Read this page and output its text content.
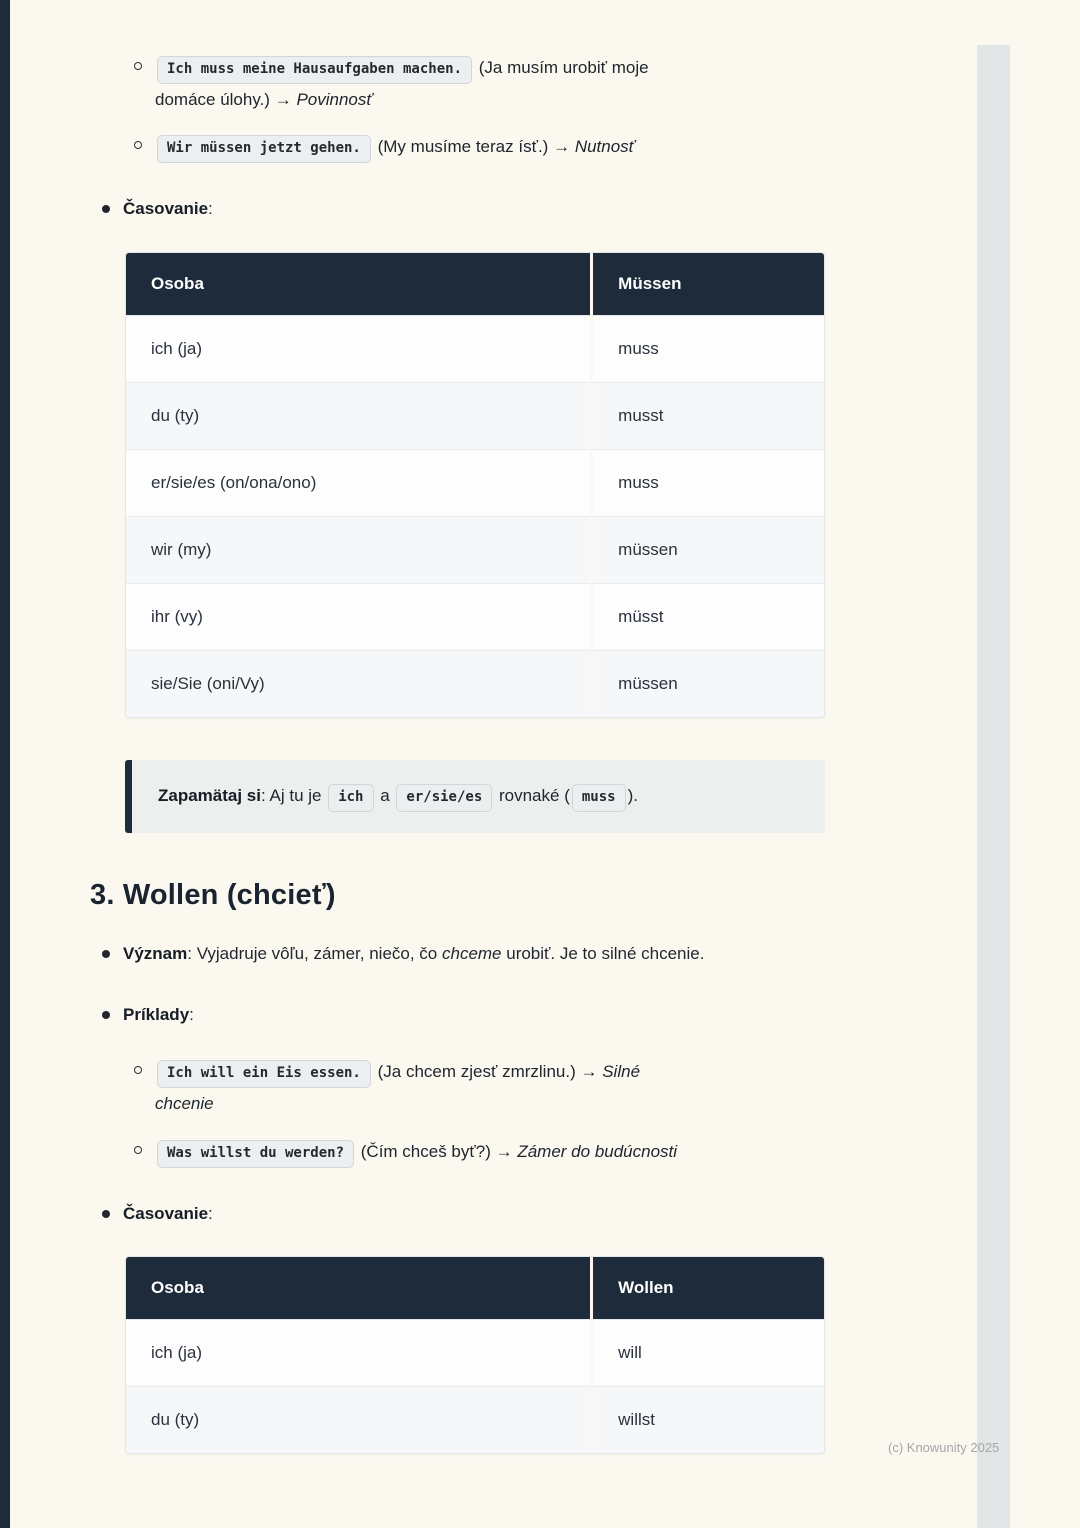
Ich muss meine Hausaufgaben machen. (Ja musím urobiť moje domáce úlohy.) → Povinnosť
Wir müssen jetzt gehen. (My musíme teraz ísť.) → Nutnosť
Časovanie:
Osoba	Müssen
ich (ja)	muss
du (ty)	musst
er/sie/es (on/ona/ono)	muss
wir (my)	müssen
ihr (vy)	müsst
sie/Sie (oni/Vy)	müssen
Zapamätaj si: Aj tu je ich a er/sie/es rovnaké ( muss ).
3. Wollen (chcieť)
Význam: Vyjadruje vôľu, zámer, niečo, čo chceme urobiť. Je to silné chcenie.
Príklady:
Ich will ein Eis essen. (Ja chcem zjesť zmrzlinu.) → Silné chcenie
Was willst du werden? (Čím chceš byť?) → Zámer do budúcnosti
Časovanie:
Osoba	Wollen
ich (ja)	will
du (ty)	willst
(c) Knowunity 2025
